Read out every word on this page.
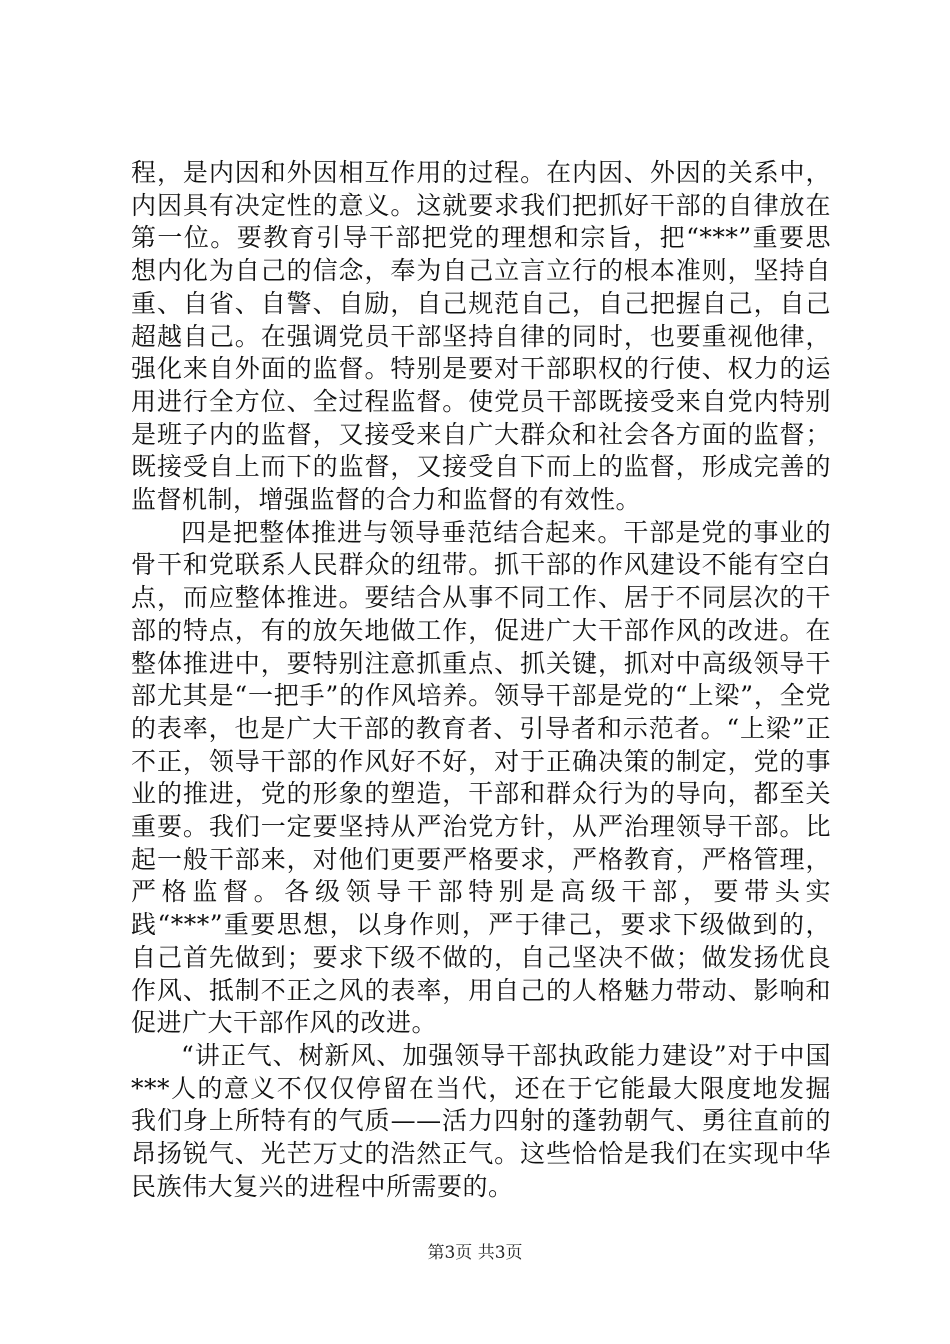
程，是内因和外因相互作用的过程。在内因、外因的关系中，内因具有决定性的意义。这就要求我们把抓好干部的自律放在第一位。要教育引导干部把党的理想和宗旨，把“***”重要思想内化为自己的信念，奉为自己立言立行的根本准则，坚持自重、自省、自警、自励，自己规范自己，自己把握自己，自己超越自己。在强调党员干部坚持自律的同时，也要重视他律，强化来自外面的监督。特别是要对干部职权的行使、权力的运用进行全方位、全过程监督。使党员干部既接受来自党内特别是班子内的监督，又接受来自广大群众和社会各方面的监督；既接受自上而下的监督，又接受自下而上的监督，形成完善的监督机制，增强监督的合力和监督的有效性。

四是把整体推进与领导垂范结合起来。干部是党的事业的骨干和党联系人民群众的纽带。抓干部的作风建设不能有空白点，而应整体推进。要结合从事不同工作、居于不同层次的干部的特点，有的放矢地做工作，促进广大干部作风的改进。在整体推进中，要特别注意抓重点、抓关键，抓对中高级领导干部尤其是“一把手”的作风培养。领导干部是党的“上梁”，全党的表率，也是广大干部的教育者、引导者和示范者。“上梁”正不正，领导干部的作风好不好，对于正确决策的制定，党的事业的推进，党的形象的塑造，干部和群众行为的导向，都至关重要。我们一定要坚持从严治党方针，从严治理领导干部。比起一般干部来，对他们更要严格要求，严格教育，严格管理，严格监督。各级领导干部特别是高级干部，要带头实践“***”重要思想，以身作则，严于律己，要求下级做到的，自己首先做到；要求下级不做的，自己坚决不做；做发扬优良作风、抵制不正之风的表率，用自己的人格魅力带动、影响和促进广大干部作风的改进。

“讲正气、树新风、加强领导干部执政能力建设”对于中国***人的意义不仅仅停留在当代，还在于它能最大限度地发掘我们身上所特有的气质——活力四射的蓬勃朝气、勇往直前的昂扬锐气、光芒万丈的浩然正气。这些恰恰是我们在实现中华民族伟大复兴的进程中所需要的。

第3页 共3页
